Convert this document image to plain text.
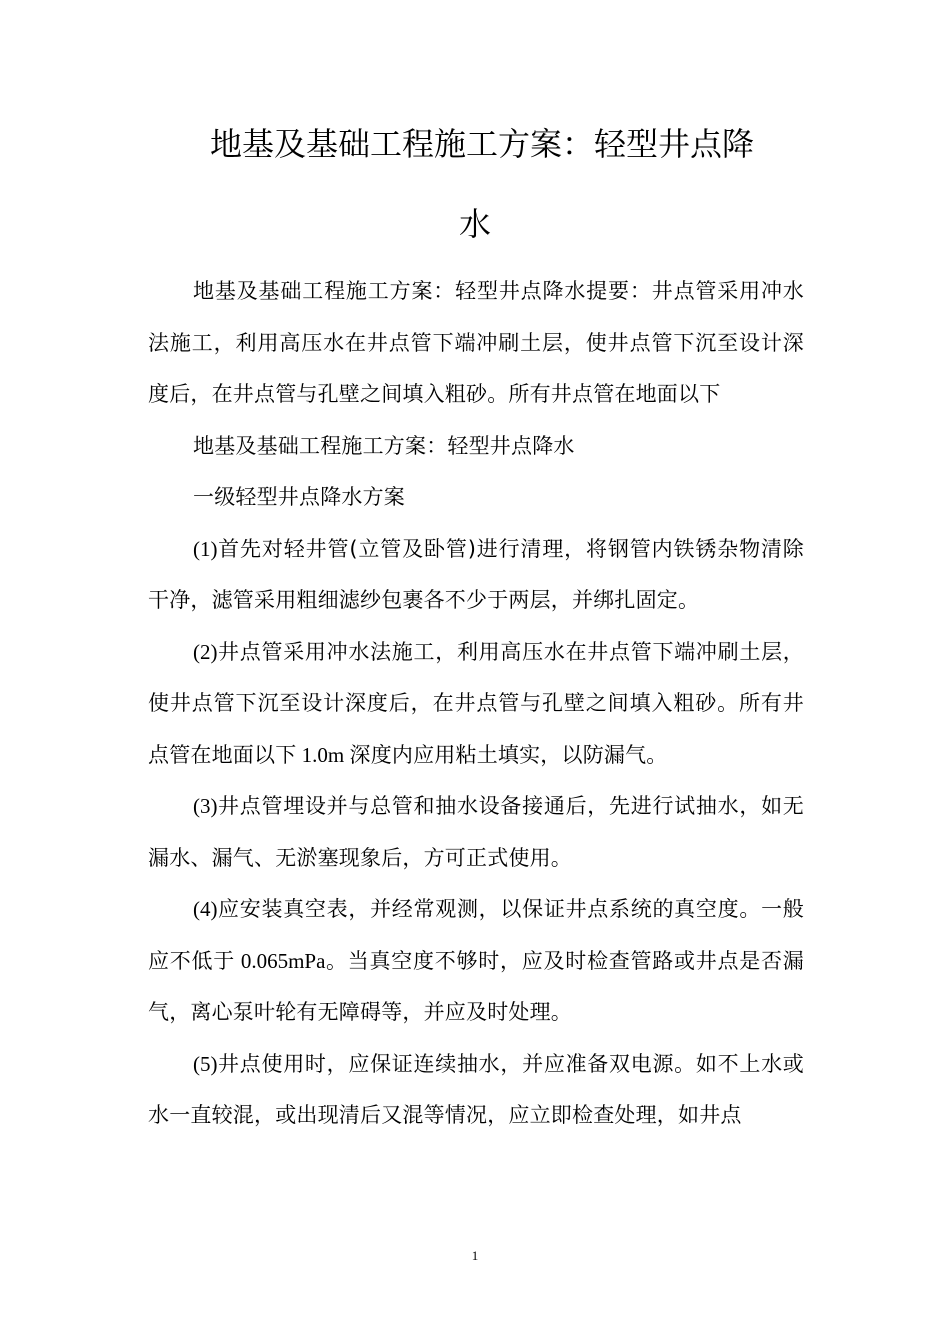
地基及基础工程施工方案：轻型井点降
水

地基及基础工程施工方案：轻型井点降水提要：井点管采用冲水法施工，利用高压水在井点管下端冲刷土层，使井点管下沉至设计深度后，在井点管与孔壁之间填入粗砂。所有井点管在地面以下

地基及基础工程施工方案：轻型井点降水

一级轻型井点降水方案

(1)首先对轻井管(立管及卧管)进行清理，将钢管内铁锈杂物清除干净，滤管采用粗细滤纱包裹各不少于两层，并绑扎固定。

(2)井点管采用冲水法施工，利用高压水在井点管下端冲刷土层，使井点管下沉至设计深度后，在井点管与孔壁之间填入粗砂。所有井点管在地面以下 1.0m 深度内应用粘土填实，以防漏气。

(3)井点管埋设并与总管和抽水设备接通后，先进行试抽水，如无漏水、漏气、无淤塞现象后，方可正式使用。

(4)应安装真空表，并经常观测，以保证井点系统的真空度。一般应不低于 0.065mPa。当真空度不够时，应及时检查管路或井点是否漏气，离心泵叶轮有无障碍等，并应及时处理。

(5)井点使用时，应保证连续抽水，并应准备双电源。如不上水或水一直较混，或出现清后又混等情况，应立即检查处理，如井点

1
